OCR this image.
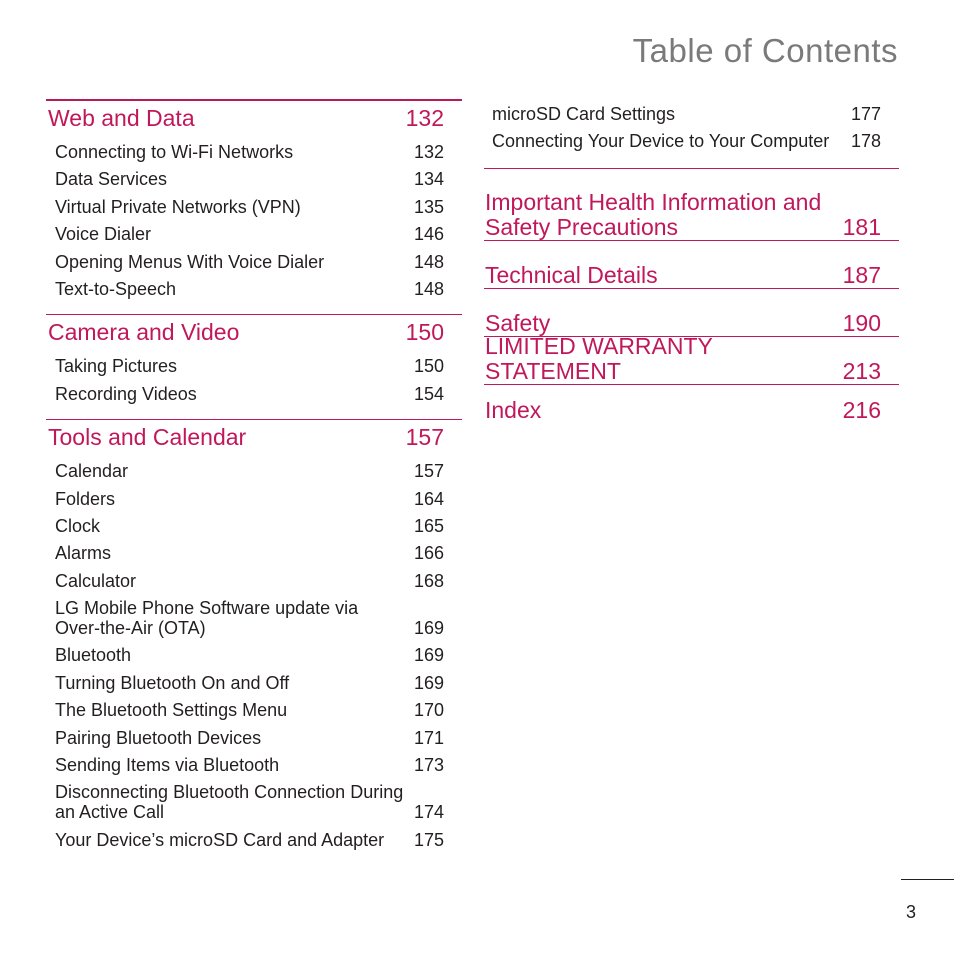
Table of Contents
Web and Data	132
Connecting to Wi-Fi Networks	132
Data Services	134
Virtual Private Networks (VPN)	135
Voice Dialer	146
Opening Menus With Voice Dialer	148
Text-to-Speech	148
Camera and Video	150
Taking Pictures	150
Recording Videos	154
Tools and Calendar	157
Calendar	157
Folders	164
Clock	165
Alarms	166
Calculator	168
LG Mobile Phone Software update via Over-the-Air (OTA)	169
Bluetooth	169
Turning Bluetooth On and Off	169
The Bluetooth Settings Menu	170
Pairing Bluetooth Devices	171
Sending Items via Bluetooth	173
Disconnecting Bluetooth Connection During an Active Call	174
Your Device’s microSD Card and Adapter	175
microSD Card Settings	177
Connecting Your Device to Your Computer 178
Important Health Information and Safety Precautions	181
Technical Details	187
Safety	190
LIMITED WARRANTY STATEMENT	213
Index	216
3
